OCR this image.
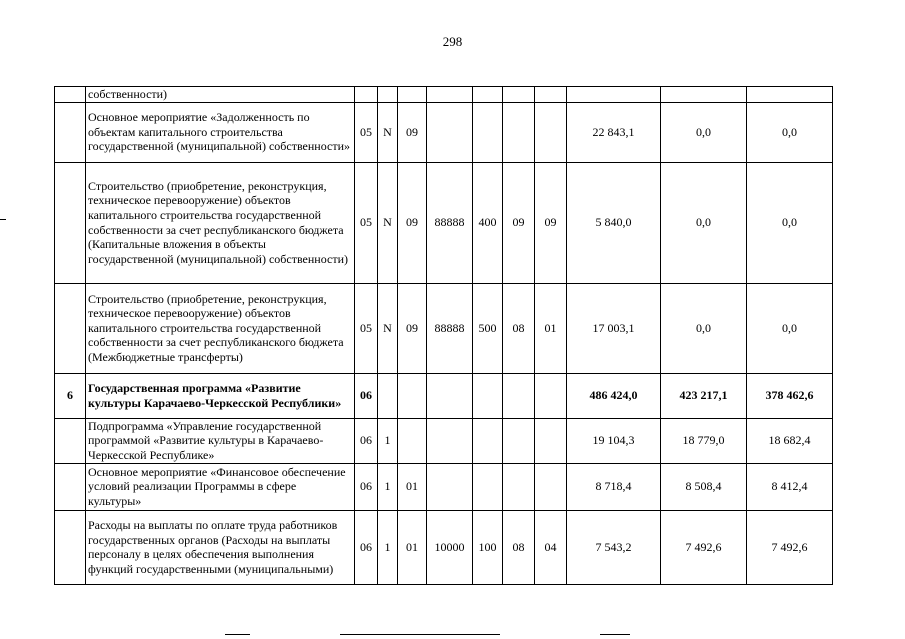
298
	собственности)										
	Основное мероприятие «Задолженность по объектам капитального строительства государственной (муниципальной) собственности»	05	N	09					22 843,1	0,0	0,0
	Строительство (приобретение, реконструкция, техническое перевооружение) объектов капитального строительства государственной собственности за счет республиканского бюджета (Капитальные вложения в объекты государственной (муниципальной) собственности)	05	N	09	88888	400	09	09	5 840,0	0,0	0,0
	Строительство (приобретение, реконструкция, техническое перевооружение) объектов капитального строительства государственной собственности за счет республиканского бюджета (Межбюджетные трансферты)	05	N	09	88888	500	08	01	17 003,1	0,0	0,0
6	Государственная программа «Развитие культуры Карачаево-Черкесской Республики»	06							486 424,0	423 217,1	378 462,6
	Подпрограмма «Управление государственной программой «Развитие культуры в Карачаево-Черкесской Республике»	06	1						19 104,3	18 779,0	18 682,4
	Основное мероприятие «Финансовое обеспечение условий реализации Программы в сфере культуры»	06	1	01					8 718,4	8 508,4	8 412,4
	Расходы на выплаты по оплате труда работников государственных органов (Расходы на выплаты персоналу в целях обеспечения выполнения функций государственными (муниципальными)	06	1	01	10000	100	08	04	7 543,2	7 492,6	7 492,6
